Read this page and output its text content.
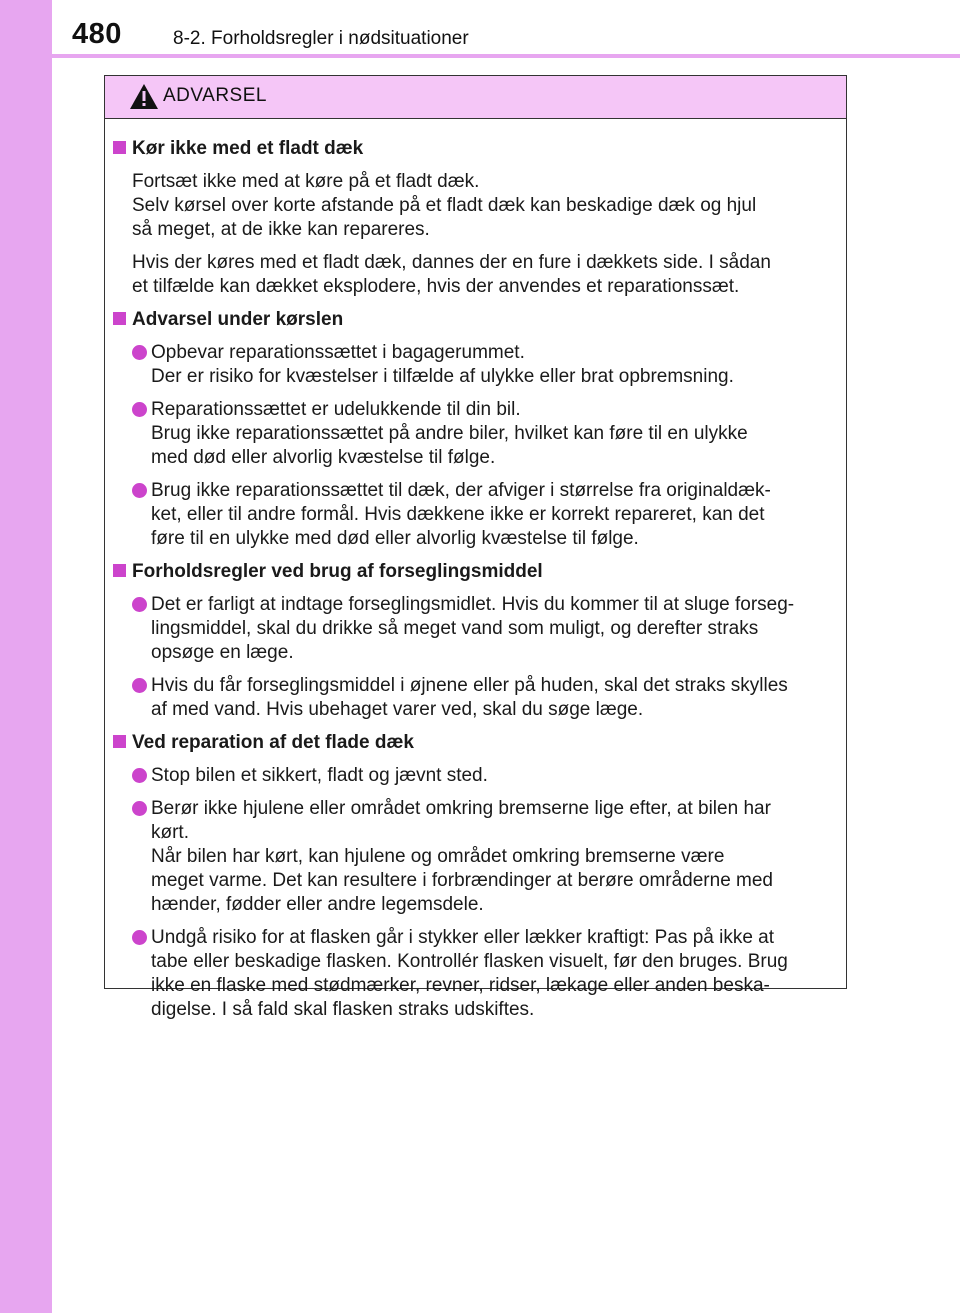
480	8-2. Forholdsregler i nødsituationer
ADVARSEL
Kør ikke med et fladt dæk
Fortsæt ikke med at køre på et fladt dæk.
Selv kørsel over korte afstande på et fladt dæk kan beskadige dæk og hjul
så meget, at de ikke kan repareres.
Hvis der køres med et fladt dæk, dannes der en fure i dækkets side. I sådan
et tilfælde kan dækket eksplodere, hvis der anvendes et reparationssæt.
Advarsel under kørslen
Opbevar reparationssættet i bagagerummet.
Der er risiko for kvæstelser i tilfælde af ulykke eller brat opbremsning.
Reparationssættet er udelukkende til din bil.
Brug ikke reparationssættet på andre biler, hvilket kan føre til en ulykke
med død eller alvorlig kvæstelse til følge.
Brug ikke reparationssættet til dæk, der afviger i størrelse fra originaldæk-
ket, eller til andre formål. Hvis dækkene ikke er korrekt repareret, kan det
føre til en ulykke med død eller alvorlig kvæstelse til følge.
Forholdsregler ved brug af forseglingsmiddel
Det er farligt at indtage forseglingsmidlet. Hvis du kommer til at sluge forseg-
lingsmiddel, skal du drikke så meget vand som muligt, og derefter straks
opsøge en læge.
Hvis du får forseglingsmiddel i øjnene eller på huden, skal det straks skylles
af med vand. Hvis ubehaget varer ved, skal du søge læge.
Ved reparation af det flade dæk
Stop bilen et sikkert, fladt og jævnt sted.
Berør ikke hjulene eller området omkring bremserne lige efter, at bilen har
kørt.
Når bilen har kørt, kan hjulene og området omkring bremserne være
meget varme. Det kan resultere i forbrændinger at berøre områderne med
hænder, fødder eller andre legemsdele.
Undgå risiko for at flasken går i stykker eller lækker kraftigt: Pas på ikke at
tabe eller beskadige flasken. Kontrollér flasken visuelt, før den bruges. Brug
ikke en flaske med stødmærker, revner, ridser, lækage eller anden beska-
digelse. I så fald skal flasken straks udskiftes.
